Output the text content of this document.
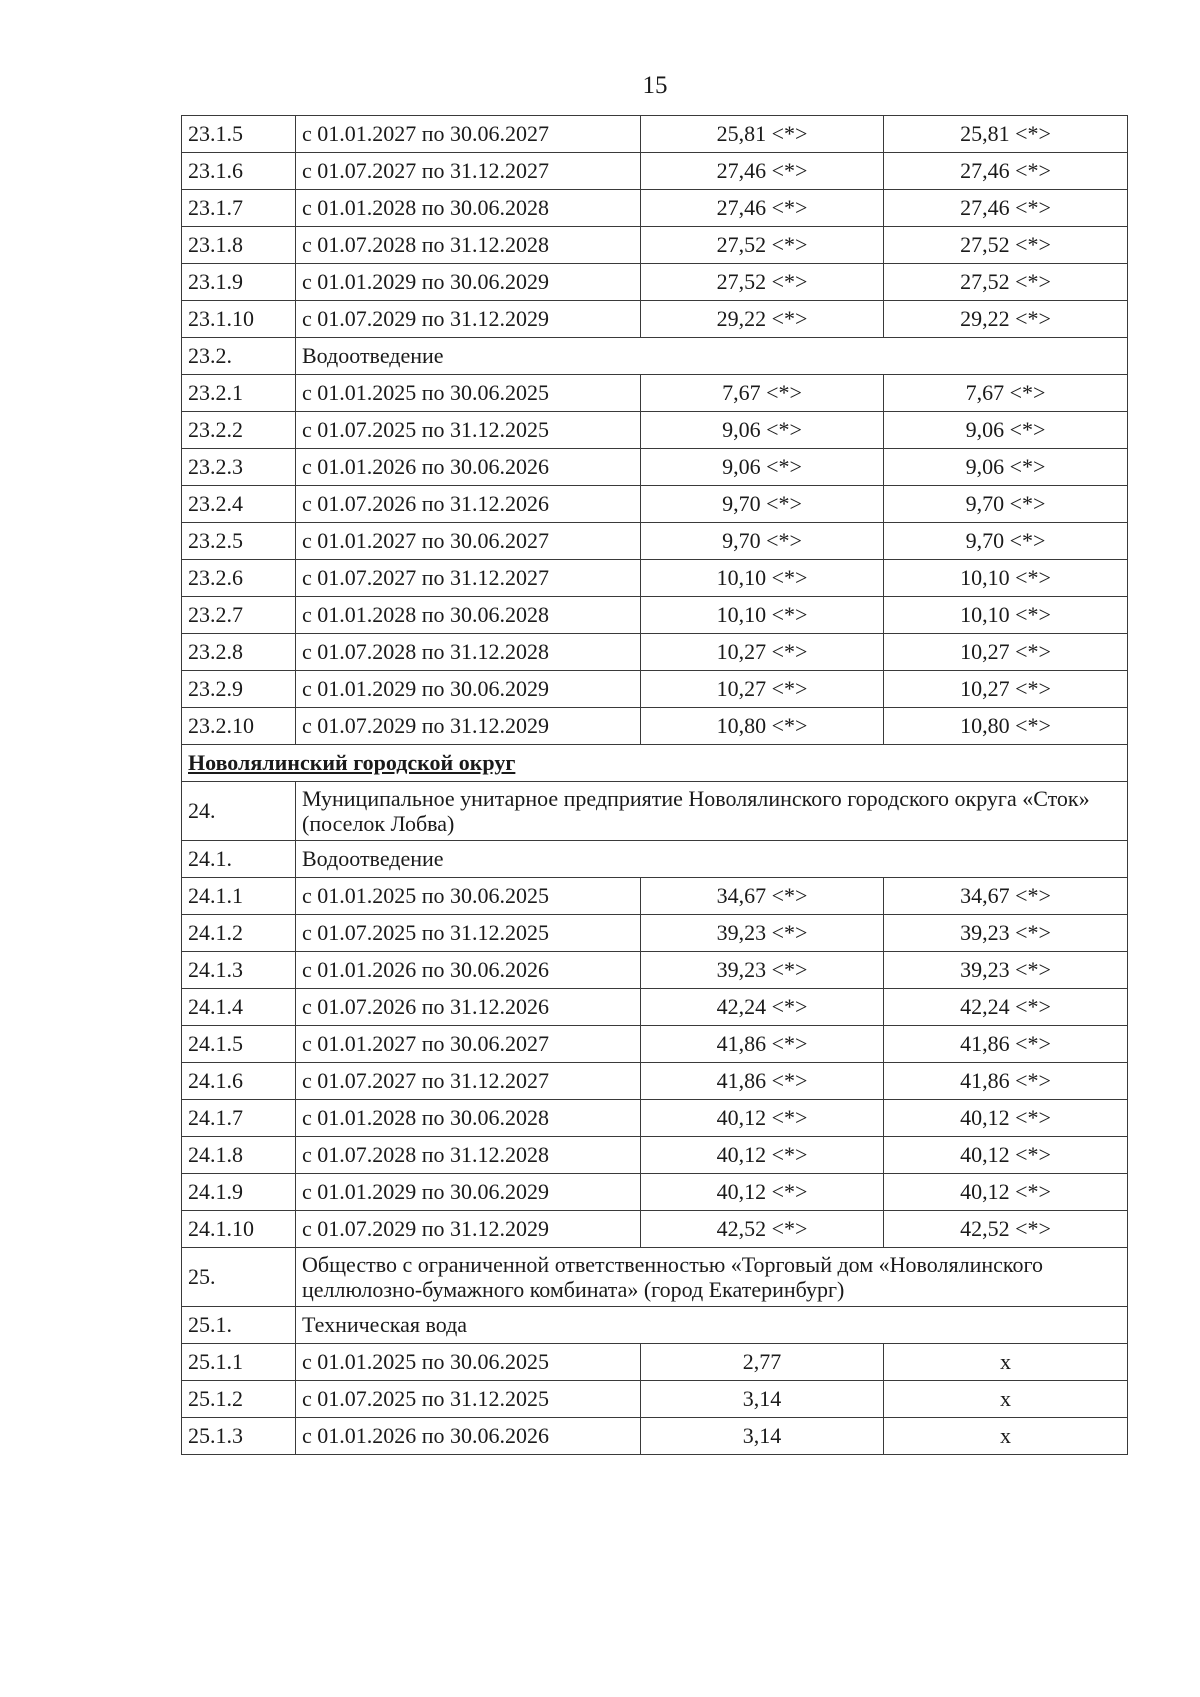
15
23.1.5	с 01.01.2027 по 30.06.2027	25,81 <*>	25,81 <*>
23.1.6	с 01.07.2027 по 31.12.2027	27,46 <*>	27,46 <*>
23.1.7	с 01.01.2028 по 30.06.2028	27,46 <*>	27,46 <*>
23.1.8	с 01.07.2028 по 31.12.2028	27,52 <*>	27,52 <*>
23.1.9	с 01.01.2029 по 30.06.2029	27,52 <*>	27,52 <*>
23.1.10	с 01.07.2029 по 31.12.2029	29,22 <*>	29,22 <*>
23.2.	Водоотведение		
23.2.1	с 01.01.2025 по 30.06.2025	7,67 <*>	7,67 <*>
23.2.2	с 01.07.2025 по 31.12.2025	9,06 <*>	9,06 <*>
23.2.3	с 01.01.2026 по 30.06.2026	9,06 <*>	9,06 <*>
23.2.4	с 01.07.2026 по 31.12.2026	9,70 <*>	9,70 <*>
23.2.5	с 01.01.2027 по 30.06.2027	9,70 <*>	9,70 <*>
23.2.6	с 01.07.2027 по 31.12.2027	10,10 <*>	10,10 <*>
23.2.7	с 01.01.2028 по 30.06.2028	10,10 <*>	10,10 <*>
23.2.8	с 01.07.2028 по 31.12.2028	10,27 <*>	10,27 <*>
23.2.9	с 01.01.2029 по 30.06.2029	10,27 <*>	10,27 <*>
23.2.10	с 01.07.2029 по 31.12.2029	10,80 <*>	10,80 <*>
Новолялинский городской округ			
24.	Муниципальное унитарное предприятие Новолялинского городского округа «Сток» (поселок Лобва)		
24.1.	Водоотведение		
24.1.1	с 01.01.2025 по 30.06.2025	34,67 <*>	34,67 <*>
24.1.2	с 01.07.2025 по 31.12.2025	39,23 <*>	39,23 <*>
24.1.3	с 01.01.2026 по 30.06.2026	39,23 <*>	39,23 <*>
24.1.4	с 01.07.2026 по 31.12.2026	42,24 <*>	42,24 <*>
24.1.5	с 01.01.2027 по 30.06.2027	41,86 <*>	41,86 <*>
24.1.6	с 01.07.2027 по 31.12.2027	41,86 <*>	41,86 <*>
24.1.7	с 01.01.2028 по 30.06.2028	40,12 <*>	40,12 <*>
24.1.8	с 01.07.2028 по 31.12.2028	40,12 <*>	40,12 <*>
24.1.9	с 01.01.2029 по 30.06.2029	40,12 <*>	40,12 <*>
24.1.10	с 01.07.2029 по 31.12.2029	42,52 <*>	42,52 <*>
25.	Общество с ограниченной ответственностью «Торговый дом «Новолялинского целлюлозно-бумажного комбината» (город Екатеринбург)		
25.1.	Техническая вода		
25.1.1	с 01.01.2025 по 30.06.2025	2,77	х
25.1.2	с 01.07.2025 по 31.12.2025	3,14	х
25.1.3	с 01.01.2026 по 30.06.2026	3,14	х
